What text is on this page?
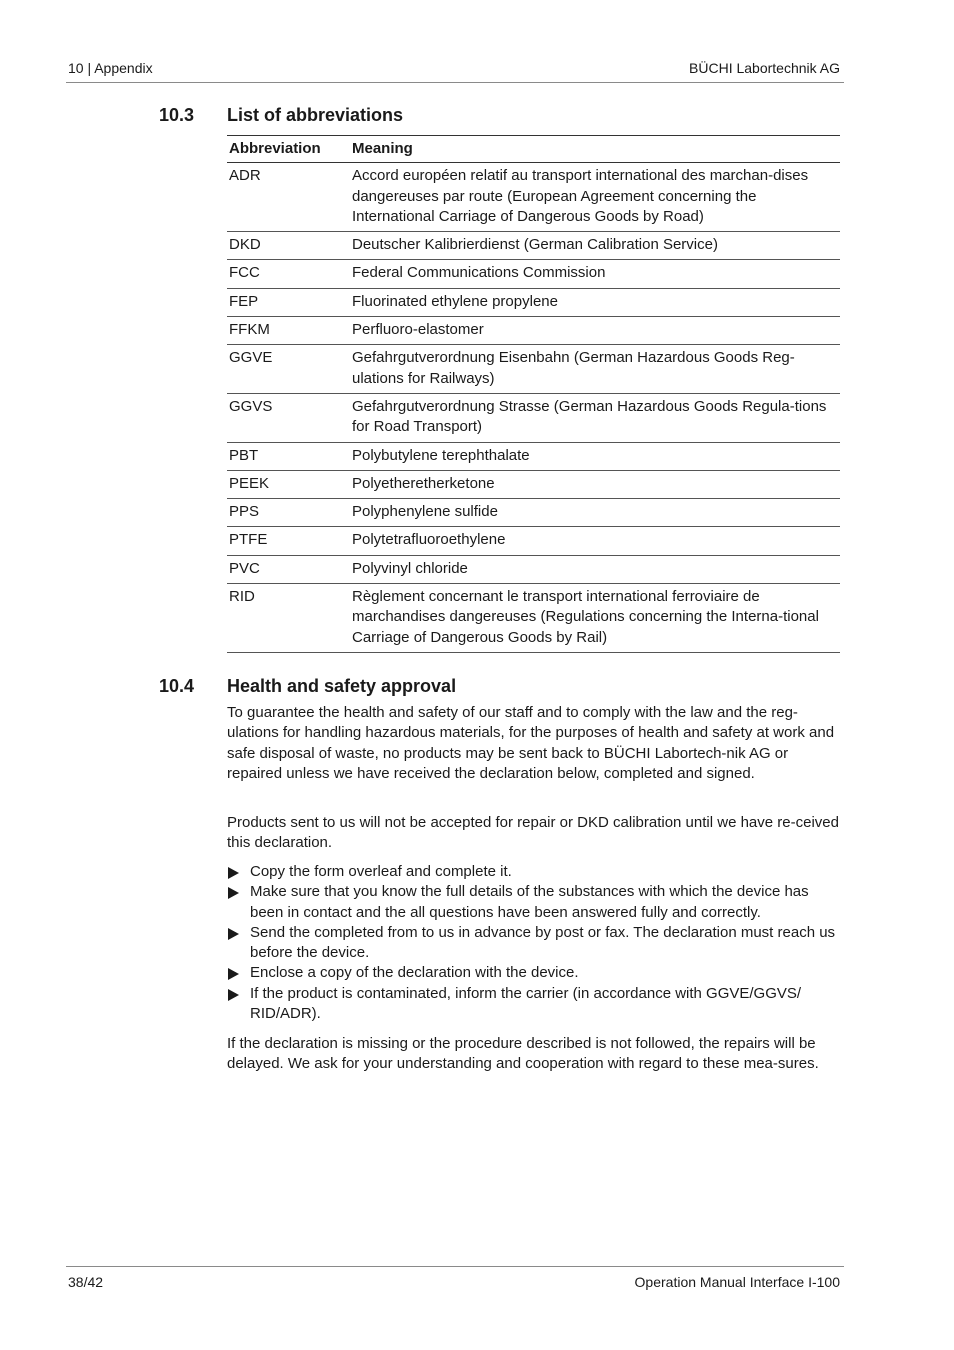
10 | Appendix	BÜCHI Labortechnik AG
10.3 List of abbreviations
Abbreviation	Meaning
ADR	Accord européen relatif au transport international des marchan-dises dangereuses par route (European Agreement concerning the International Carriage of Dangerous Goods by Road)
DKD	Deutscher Kalibrierdienst (German Calibration Service)
FCC	Federal Communications Commission
FEP	Fluorinated ethylene propylene
FFKM	Perfluoro-elastomer
GGVE	Gefahrgutverordnung Eisenbahn (German Hazardous Goods Reg-ulations for Railways)
GGVS	Gefahrgutverordnung Strasse (German Hazardous Goods Regula-tions for Road Transport)
PBT	Polybutylene terephthalate
PEEK	Polyetheretherketone
PPS	Polyphenylene sulfide
PTFE	Polytetrafluoroethylene
PVC	Polyvinyl chloride
RID	Règlement concernant le transport international ferroviaire de marchandises dangereuses (Regulations concerning the Interna-tional Carriage of Dangerous Goods by Rail)
10.4 Health and safety approval

To guarantee the health and safety of our staff and to comply with the law and the reg-ulations for handling hazardous materials, for the purposes of health and safety at work and safe disposal of waste, no products may be sent back to BÜCHI Labortech-nik AG or repaired unless we have received the declaration below, completed and signed.

Products sent to us will not be accepted for repair or DKD calibration until we have re-ceived this declaration.

Copy the form overleaf and complete it.
Make sure that you know the full details of the substances with which the device has been in contact and the all questions have been answered fully and correctly.
Send the completed from to us in advance by post or fax. The declaration must reach us before the device.
Enclose a copy of the declaration with the device.
If the product is contaminated, inform the carrier (in accordance with GGVE/GGVS/ RID/ADR).

If the declaration is missing or the procedure described is not followed, the repairs will be delayed. We ask for your understanding and cooperation with regard to these mea-sures.

38/42	Operation Manual Interface I-100
